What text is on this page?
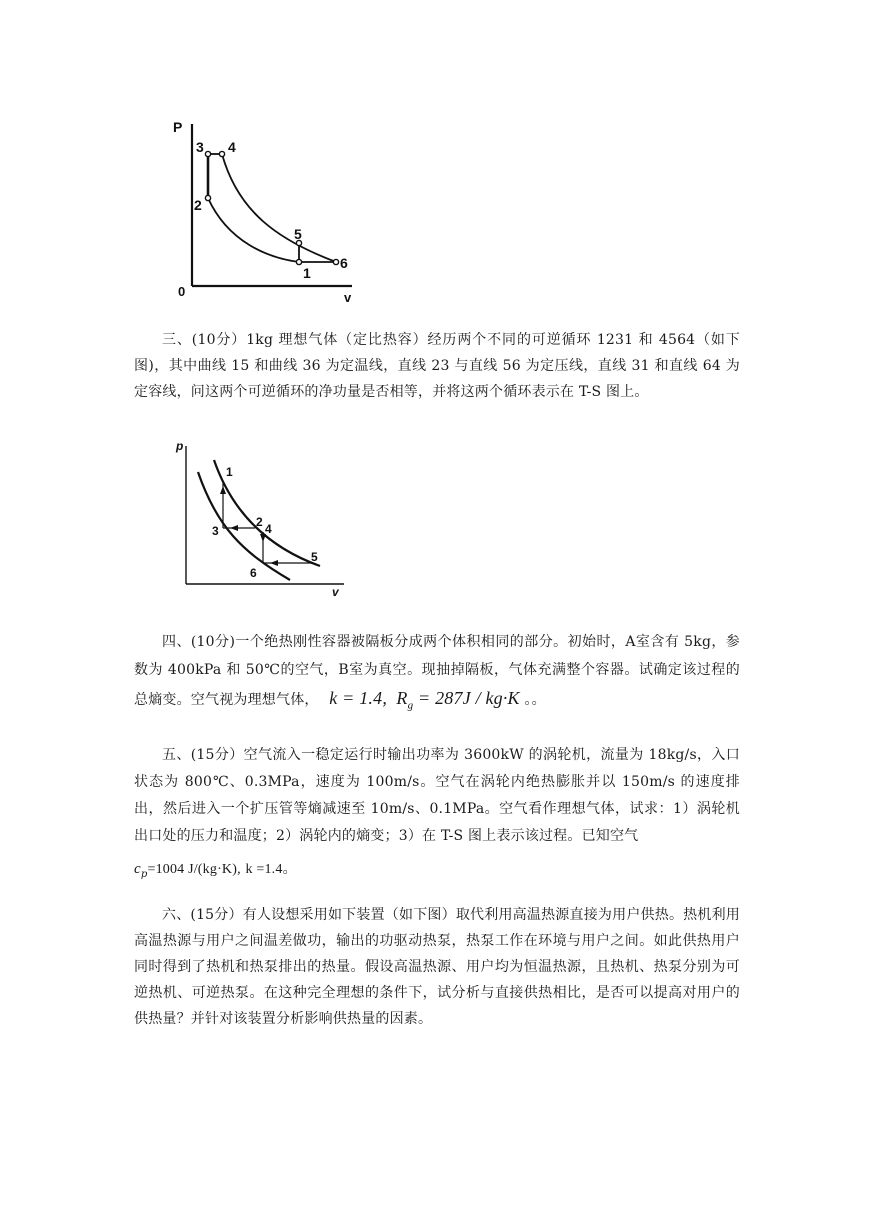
P
v
0
3 4
2
5
1
6

三、(10分）1kg 理想气体（定比热容）经历两个不同的可逆循环 1231 和 4564（如下图)，其中曲线 15 和曲线 36 为定温线，直线 23 与直线 56 为定压线，直线 31 和直线 64 为定容线，问这两个可逆循环的净功量是否相等，并将这两个循环表示在 T-S 图上。

p
v
1
2
3	4
5
6

四、(10分)一个绝热刚性容器被隔板分成两个体积相同的部分。初始时，A室含有 5kg，参数为 400kPa 和 50℃的空气，B室为真空。现抽掉隔板，气体充满整个容器。试确定该过程的总熵变。空气视为理想气体， k = 1.4,  $R_g = 287J / kg\cdot K$ 。。

五、(15分）空气流入一稳定运行时输出功率为 3600kW 的涡轮机，流量为 18kg/s，入口状态为 800℃、0.3MPa，速度为 100m/s。空气在涡轮内绝热膨胀并以 150m/s 的速度排出，然后进入一个扩压管等熵减速至 10m/s、0.1MPa。空气看作理想气体，试求：1）涡轮机出口处的压力和温度；2）涡轮内的熵变；3）在 T-S 图上表示该过程。已知空气

$c_p=1004$ J/(kg·K), k =1.4。

六、(15分）有人设想采用如下装置（如下图）取代利用高温热源直接为用户供热。热机利用高温热源与用户之间温差做功，输出的功驱动热泵，热泵工作在环境与用户之间。如此供热用户同时得到了热机和热泵排出的热量。假设高温热源、用户均为恒温热源，且热机、热泵分别为可逆热机、可逆热泵。在这种完全理想的条件下，试分析与直接供热相比，是否可以提高对用户的供热量？并针对该装置分析影响供热量的因素。
